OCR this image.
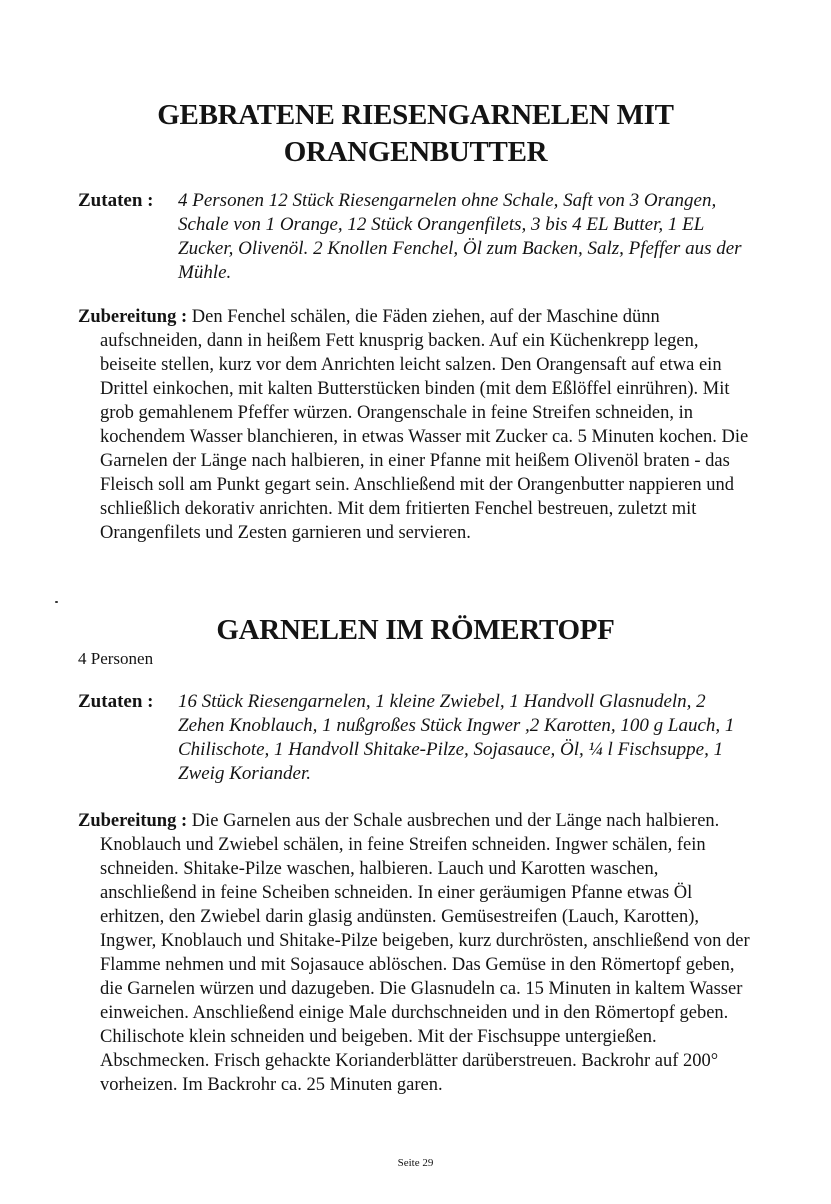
GEBRATENE RIESENGARNELEN MIT
ORANGENBUTTER
Zutaten : 4 Personen 12 Stück Riesengarnelen ohne Schale, Saft von 3 Orangen, Schale von 1 Orange, 12 Stück Orangenfilets, 3 bis 4 EL Butter, 1 EL Zucker, Olivenöl. 2 Knollen Fenchel, Öl zum Backen, Salz, Pfeffer aus der Mühle.

Zubereitung : Den Fenchel schälen, die Fäden ziehen, auf der Maschine dünn aufschneiden, dann in heißem Fett knusprig backen. Auf ein Küchenkrepp legen, beiseite stellen, kurz vor dem Anrichten leicht salzen. Den Orangensaft auf etwa ein Drittel einkochen, mit kalten Butterstücken binden (mit dem Eßlöffel einrühren). Mit grob gemahlenem Pfeffer würzen. Orangenschale in feine Streifen schneiden, in kochendem Wasser blanchieren, in etwas Wasser mit Zucker ca. 5 Minuten kochen. Die Garnelen der Länge nach halbieren, in einer Pfanne mit heißem Olivenöl braten - das Fleisch soll am Punkt gegart sein. Anschließend mit der Orangenbutter nappieren und schließlich dekorativ anrichten. Mit dem fritierten Fenchel bestreuen, zuletzt mit Orangenfilets und Zesten garnieren und servieren.

GARNELEN IM RÖMERTOPF
4 Personen
Zutaten : 16 Stück Riesengarnelen, 1 kleine Zwiebel, 1 Handvoll Glasnudeln, 2 Zehen Knoblauch, 1 nußgroßes Stück Ingwer ,2 Karotten, 100 g Lauch, 1 Chilischote, 1 Handvoll Shitake-Pilze, Sojasauce, Öl, ¼ l Fischsuppe, 1 Zweig Koriander.

Zubereitung : Die Garnelen aus der Schale ausbrechen und der Länge nach halbieren. Knoblauch und Zwiebel schälen, in feine Streifen schneiden. Ingwer schälen, fein schneiden. Shitake-Pilze waschen, halbieren. Lauch und Karotten waschen, anschließend in feine Scheiben schneiden. In einer geräumigen Pfanne etwas Öl erhitzen, den Zwiebel darin glasig andünsten. Gemüsestreifen (Lauch, Karotten), Ingwer, Knoblauch und Shitake-Pilze beigeben, kurz durchrösten, anschließend von der Flamme nehmen und mit Sojasauce ablöschen. Das Gemüse in den Römertopf geben, die Garnelen würzen und dazugeben. Die Glasnudeln ca. 15 Minuten in kaltem Wasser einweichen. Anschließend einige Male durchschneiden und in den Römertopf geben. Chilischote klein schneiden und beigeben. Mit der Fischsuppe untergießen. Abschmecken. Frisch gehackte Korianderblätter darüberstreuen. Backrohr auf 200° vorheizen. Im Backrohr ca. 25 Minuten garen.

Seite 29
